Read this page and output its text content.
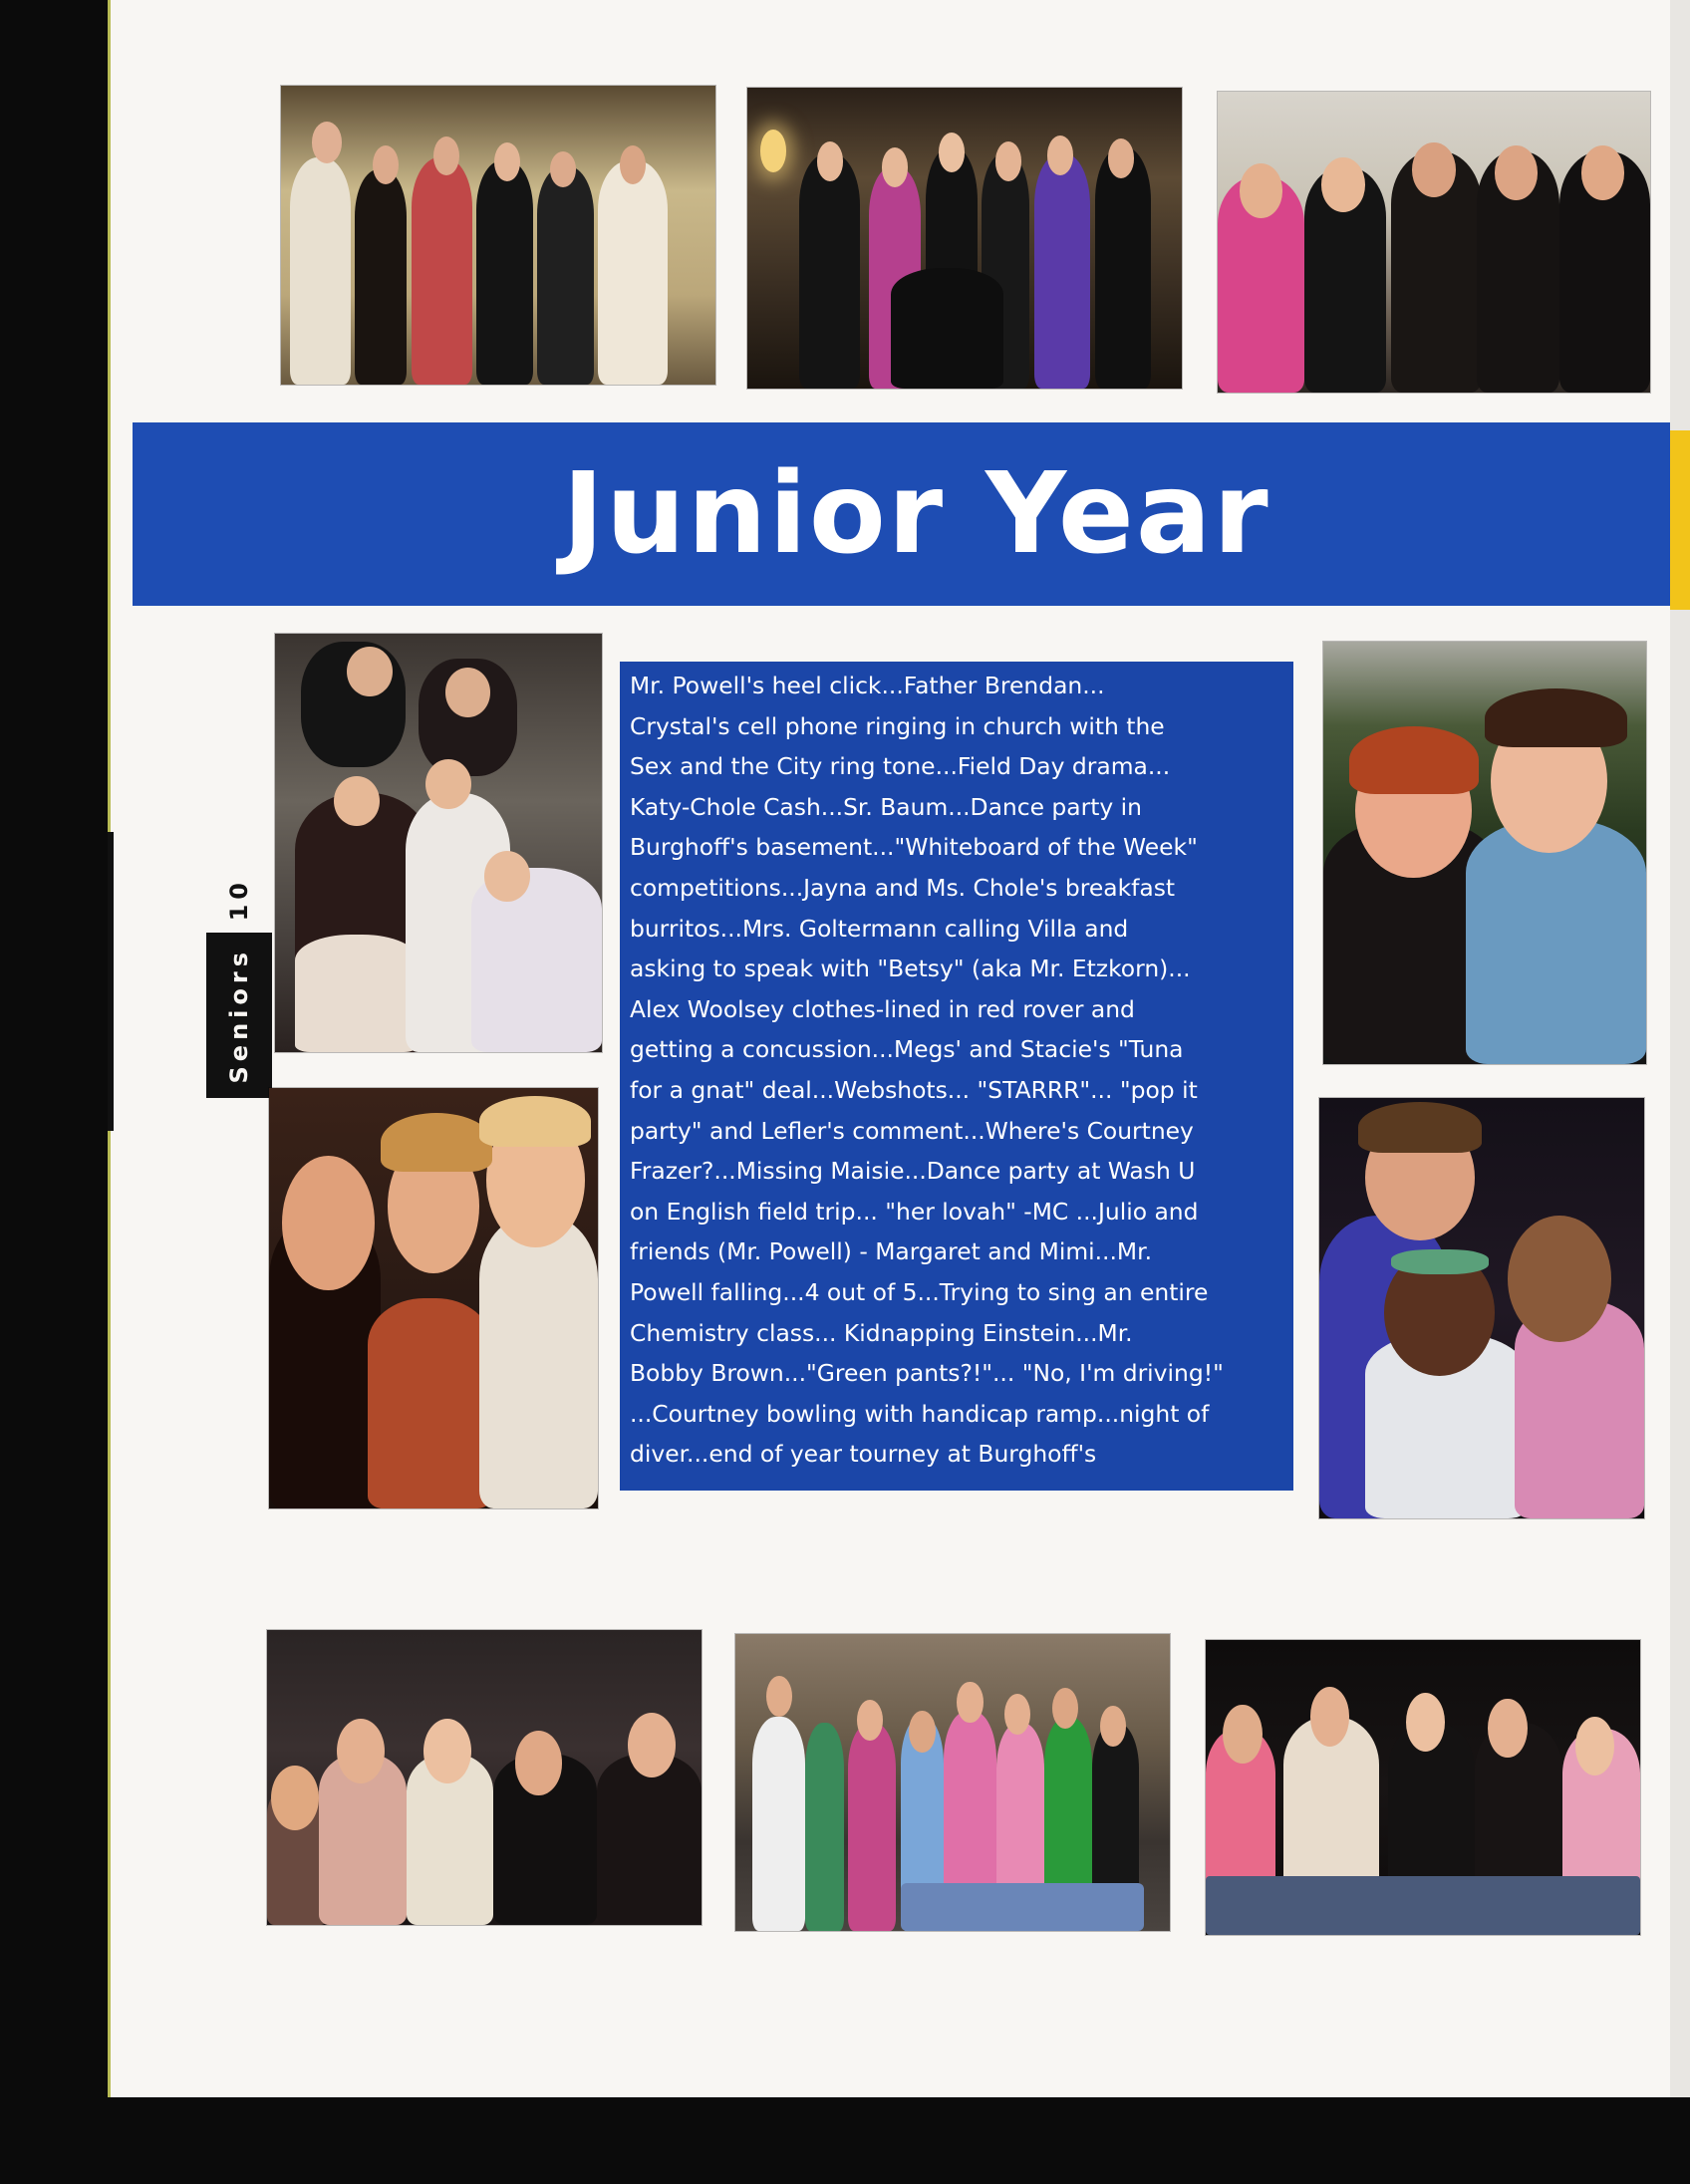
Junior Year
10
Seniors
Mr. Powell's heel click...Father Brendan...
Crystal's cell phone ringing in church with the
Sex and the City ring tone...Field Day drama...
Katy-Chole Cash...Sr. Baum...Dance party in
Burghoff's basement..."Whiteboard of the Week"
competitions...Jayna and Ms. Chole's breakfast
burritos...Mrs. Goltermann calling Villa and
asking to speak with "Betsy" (aka Mr. Etzkorn)...
Alex Woolsey clothes-lined in red rover and
getting a concussion...Megs' and Stacie's "Tuna
for a gnat" deal...Webshots... "STARRR"... "pop it
party" and Lefler's comment...Where's Courtney
Frazer?...Missing Maisie...Dance party at Wash U
on English field trip... "her lovah" -MC ...Julio and
friends (Mr. Powell) - Margaret and Mimi...Mr.
Powell falling...4 out of 5...Trying to sing an entire
Chemistry class... Kidnapping Einstein...Mr.
Bobby Brown..."Green pants?!"... "No, I'm driving!"
...Courtney bowling with handicap ramp...night of
diver...end of year tourney at Burghoff's
